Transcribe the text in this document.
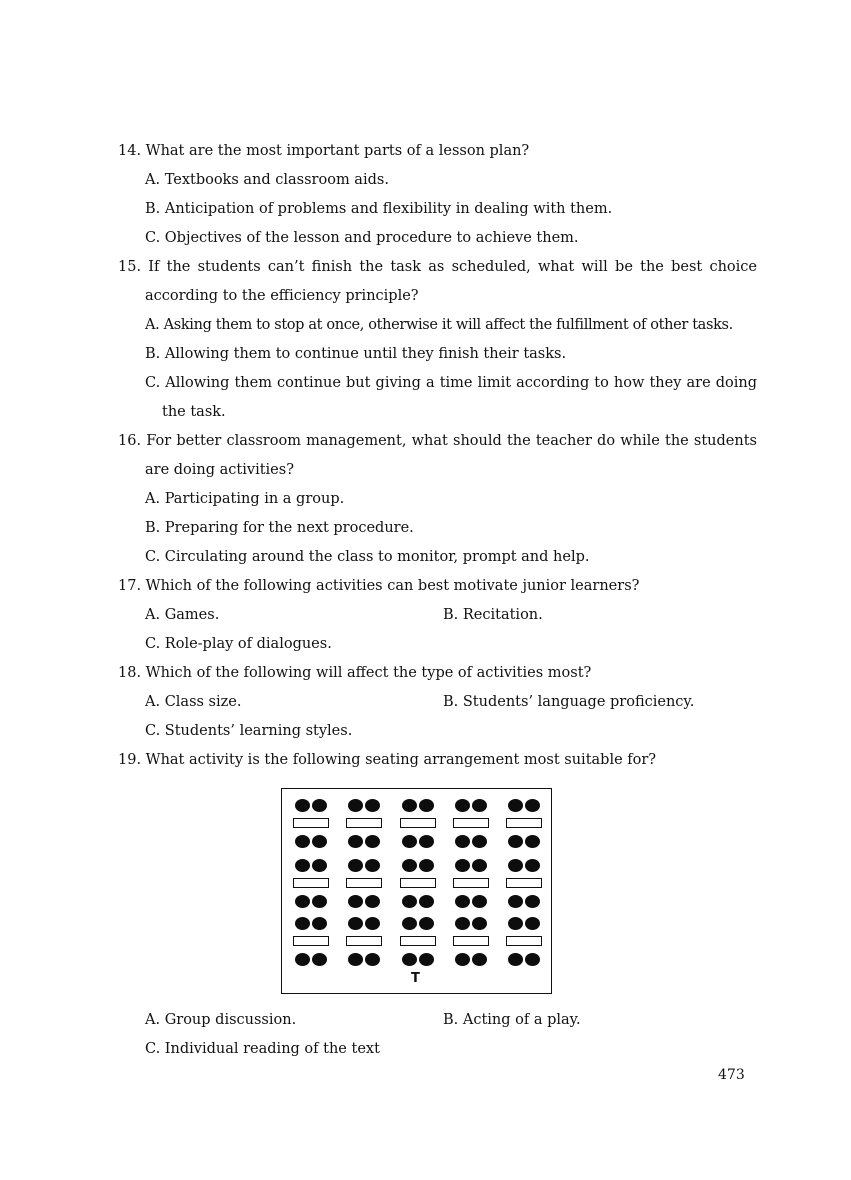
14. What are the most important parts of a lesson plan?
A. Textbooks and classroom aids.
B. Anticipation of problems and flexibility in dealing with them.
C. Objectives of the lesson and procedure to achieve them.
15. If the students can’t finish the task as scheduled, what will be the best choice
according to the efficiency principle?
A. Asking them to stop at once, otherwise it will affect the fulfillment of other tasks.
B. Allowing them to continue until they finish their tasks.
C. Allowing them continue but giving a time limit according to how they are doing
the task.
16. For better classroom management, what should the teacher do while the students
are doing activities?
A. Participating in a group.
B. Preparing for the next procedure.
C. Circulating around the class to monitor, prompt and help.
17. Which of the following activities can best motivate junior learners?
A. Games.	B. Recitation.
C. Role-play of dialogues.
18. Which of the following will affect the type of activities most?
A. Class size.	B. Students’ language proficiency.
C. Students’ learning styles.
19. What activity is the following seating arrangement most suitable for?
T
A. Group discussion.	B. Acting of a play.
C. Individual reading of the text
473
